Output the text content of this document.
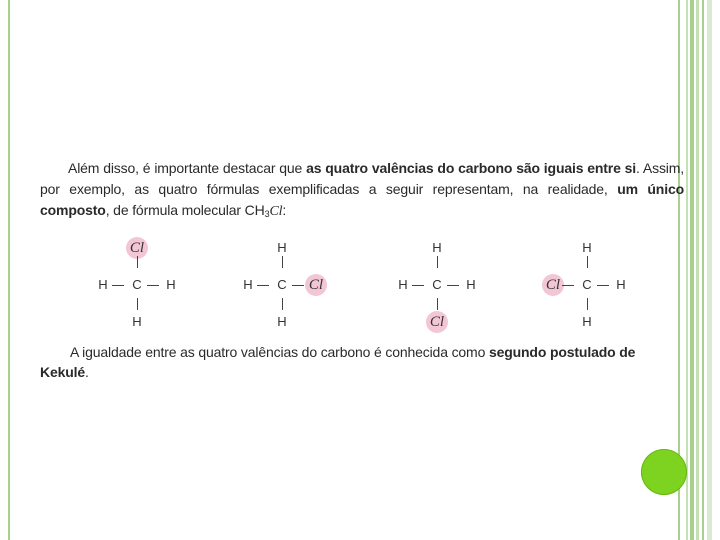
Além disso, é importante destacar que as quatro valências do carbono são iguais entre si. Assim, por exemplo, as quatro fórmulas exemplificadas a seguir representam, na realidade, um único composto, de fórmula molecular $CH_3Cl$:

Cl
H C H
H
H
H C Cl
H
H
H C H
Cl
H
Cl C H
H

A igualdade entre as quatro valências do carbono é conhecida como segundo postulado de Kekulé.
